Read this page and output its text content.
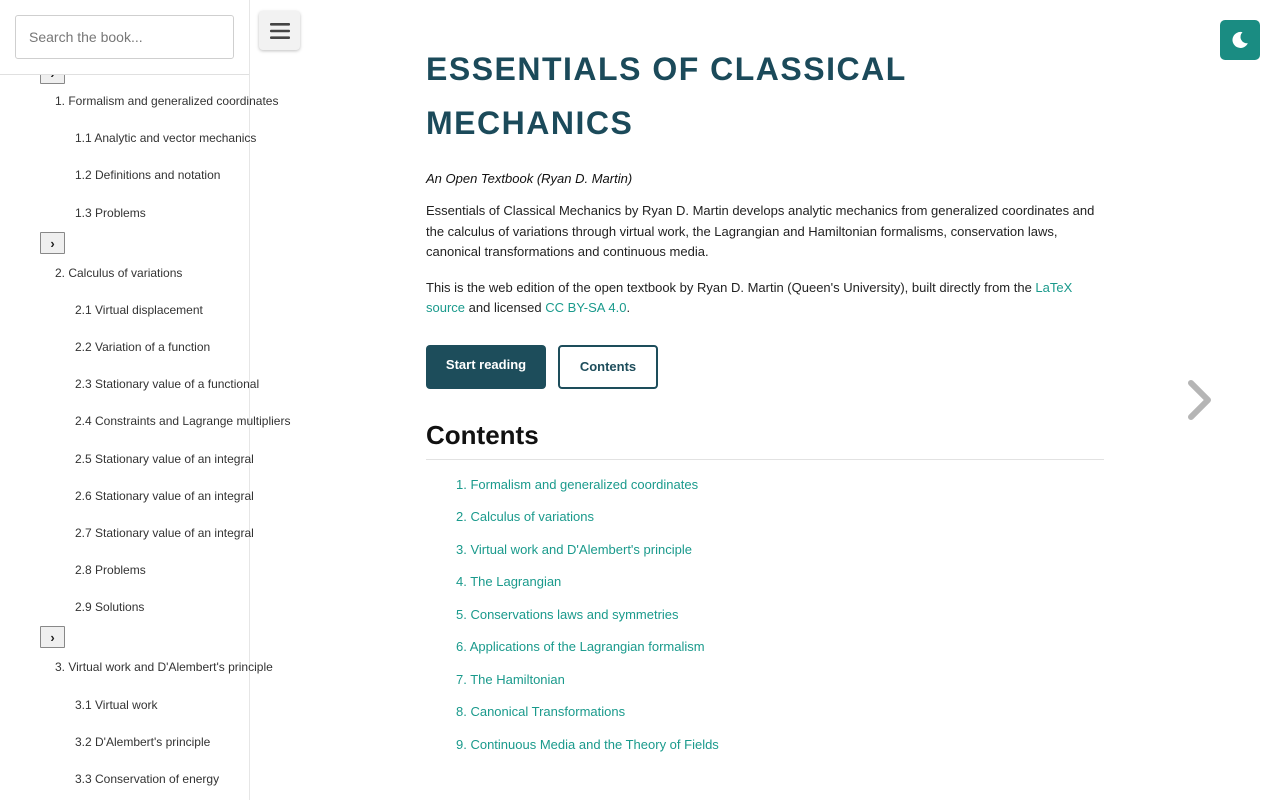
1. Formalism and generalized coordinates
1.1 Analytic and vector mechanics
1.2 Definitions and notation
1.3 Problems
›
2. Calculus of variations
2.1 Virtual displacement
2.2 Variation of a function
2.3 Stationary value of a functional
2.4 Constraints and Lagrange multipliers
2.5 Stationary value of an integral
2.6 Stationary value of an integral
2.7 Stationary value of an integral
2.8 Problems
2.9 Solutions
›
3. Virtual work and D'Alembert's principle
3.1 Virtual work
3.2 D'Alembert's principle
3.3 Conservation of energy
Search the book...
ESSENTIALS OF CLASSICAL MECHANICS

An Open Textbook (Ryan D. Martin)

Essentials of Classical Mechanics by Ryan D. Martin develops analytic mechanics from generalized coordinates and the calculus of variations through virtual work, the Lagrangian and Hamiltonian formalisms, conservation laws, canonical transformations and continuous media.

This is the web edition of the open textbook by Ryan D. Martin (Queen's University), built directly from the LaTeX source and licensed CC BY-SA 4.0.

Start reading	Contents
Contents
1. Formalism and generalized coordinates
2. Calculus of variations
3. Virtual work and D'Alembert's principle
4. The Lagrangian
5. Conservations laws and symmetries
6. Applications of the Lagrangian formalism
7. The Hamiltonian
8. Canonical Transformations
9. Continuous Media and the Theory of Fields
